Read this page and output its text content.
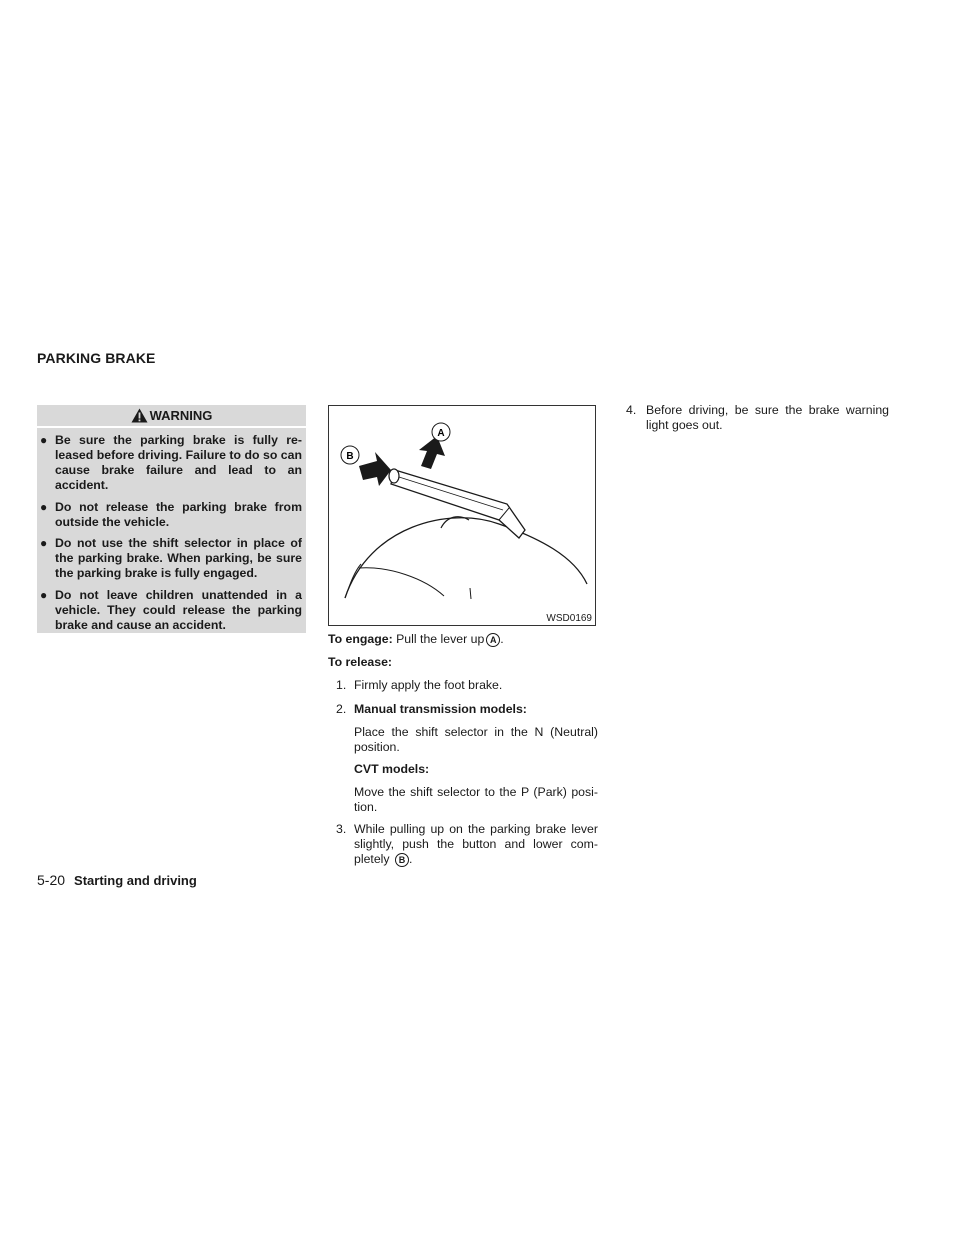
PARKING BRAKE
WARNING
● Be sure the parking brake is fully re-leased before driving. Failure to do so can cause brake failure and lead to an accident.
● Do not release the parking brake from outside the vehicle.
● Do not use the shift selector in place of the parking brake. When parking, be sure the parking brake is fully engaged.
● Do not leave children unattended in a vehicle. They could release the parking brake and cause an accident.
A
B
WSD0169
To engage: Pull the lever up A .
To release:
1. Firmly apply the foot brake.
2. Manual transmission models:
Place the shift selector in the N (Neutral) position.
CVT models:
Move the shift selector to the P (Park) posi-tion.
3. While pulling up on the parking brake lever slightly, push the button and lower com-pletely B .
4. Before driving, be sure the brake warning light goes out.
5-20 Starting and driving
